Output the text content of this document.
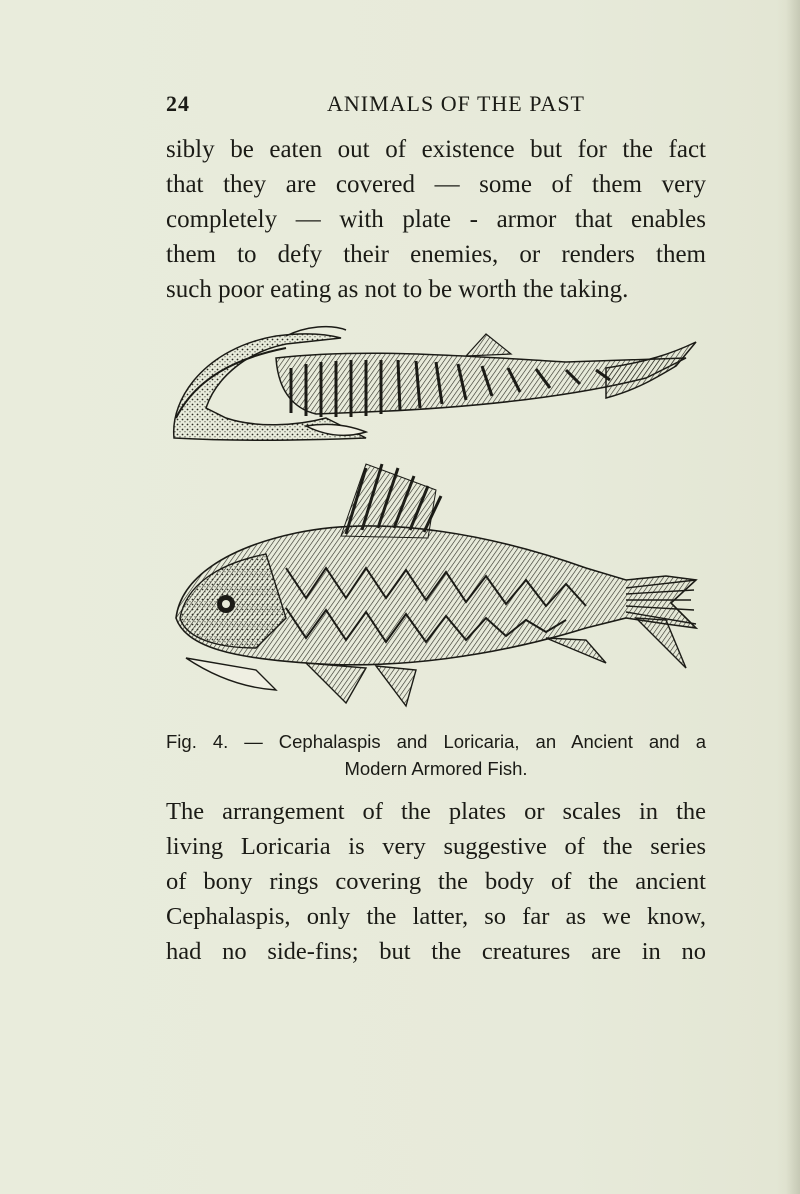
24	ANIMALS OF THE PAST
sibly be eaten out of existence but for the fact
that they are covered — some of them very
completely — with plate - armor that enables
them to defy their enemies, or renders them
such poor eating as not to be worth the taking.
Fig. 4. — Cephalaspis and Loricaria, an Ancient and a
Modern Armored Fish.
The arrangement of the plates or scales in the
living Loricaria is very suggestive of the series
of bony rings covering the body of the ancient
Cephalaspis, only the latter, so far as we know,
had no side-fins; but the creatures are in no
